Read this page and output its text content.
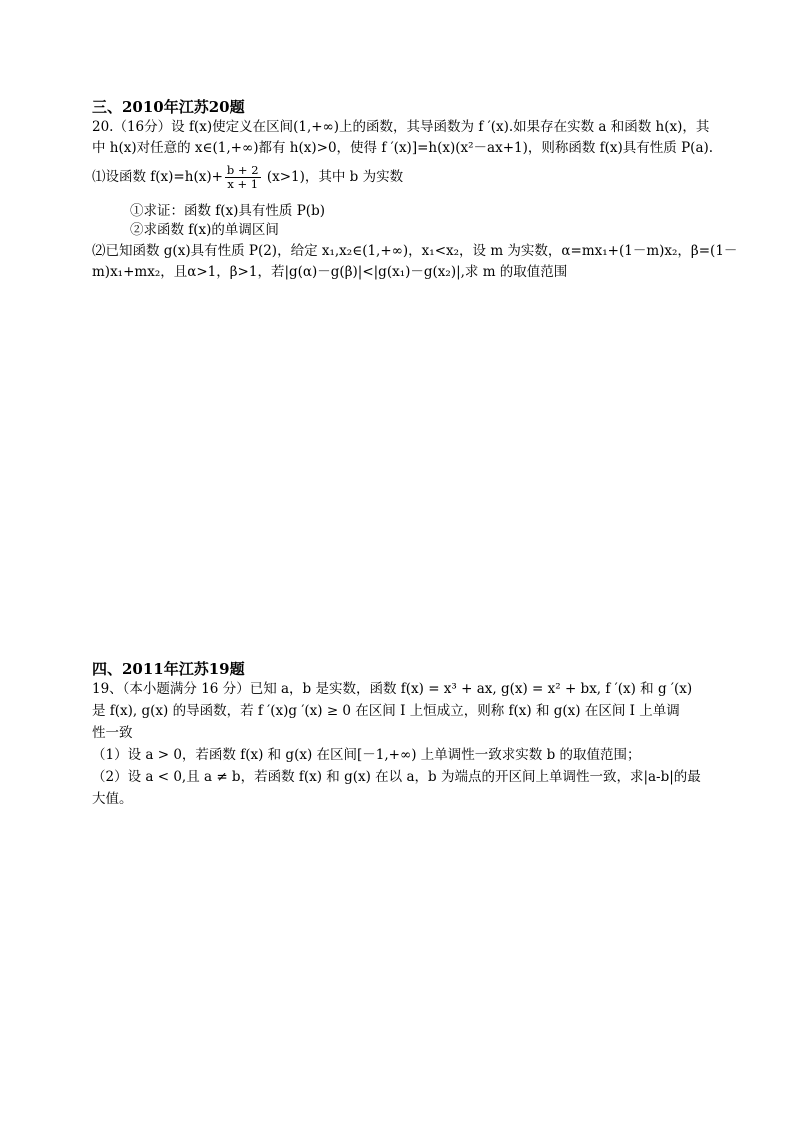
三、2010年江苏20题
20.（16分）设 f(x)使定义在区间(1,+∞)上的函数，其导函数为 f ′(x).如果存在实数 a 和函数 h(x)，其
中 h(x)对任意的 x∈(1,+∞)都有 h(x)>0，使得 f ′(x)]=h(x)(x²－ax+1)，则称函数 f(x)具有性质 P(a).
⑴设函数 $f(x)=h(x)+ \frac{b + 2}{x + 1} (x>1)$，其中 b 为实数
①求证：函数 f(x)具有性质 P(b)
②求函数 f(x)的单调区间
⑵已知函数 g(x)具有性质 P(2)，给定 x₁,x₂∈(1,+∞)，x₁<x₂，设 m 为实数，α=mx₁+(1－m)x₂，β=(1－
m)x₁+mx₂，且α>1，β>1，若|g(α)－g(β)|<|g(x₁)－g(x₂)|,求 m 的取值范围
四、2011年江苏19题
19、（本小题满分 16 分）已知 a，b 是实数，函数 f(x) = x³ + ax, g(x) = x² + bx, f ′(x) 和 g ′(x)
是 f(x), g(x) 的导函数，若 f ′(x)g ′(x) ≥ 0 在区间 I 上恒成立，则称 f(x) 和 g(x) 在区间 I 上单调
性一致
（1）设 a > 0，若函数 f(x) 和 g(x) 在区间[－1,+∞) 上单调性一致求实数 b 的取值范围；
（2）设 a < 0,且 a ≠ b，若函数 f(x) 和 g(x) 在以 a，b 为端点的开区间上单调性一致，求|a-b|的最
大值。
